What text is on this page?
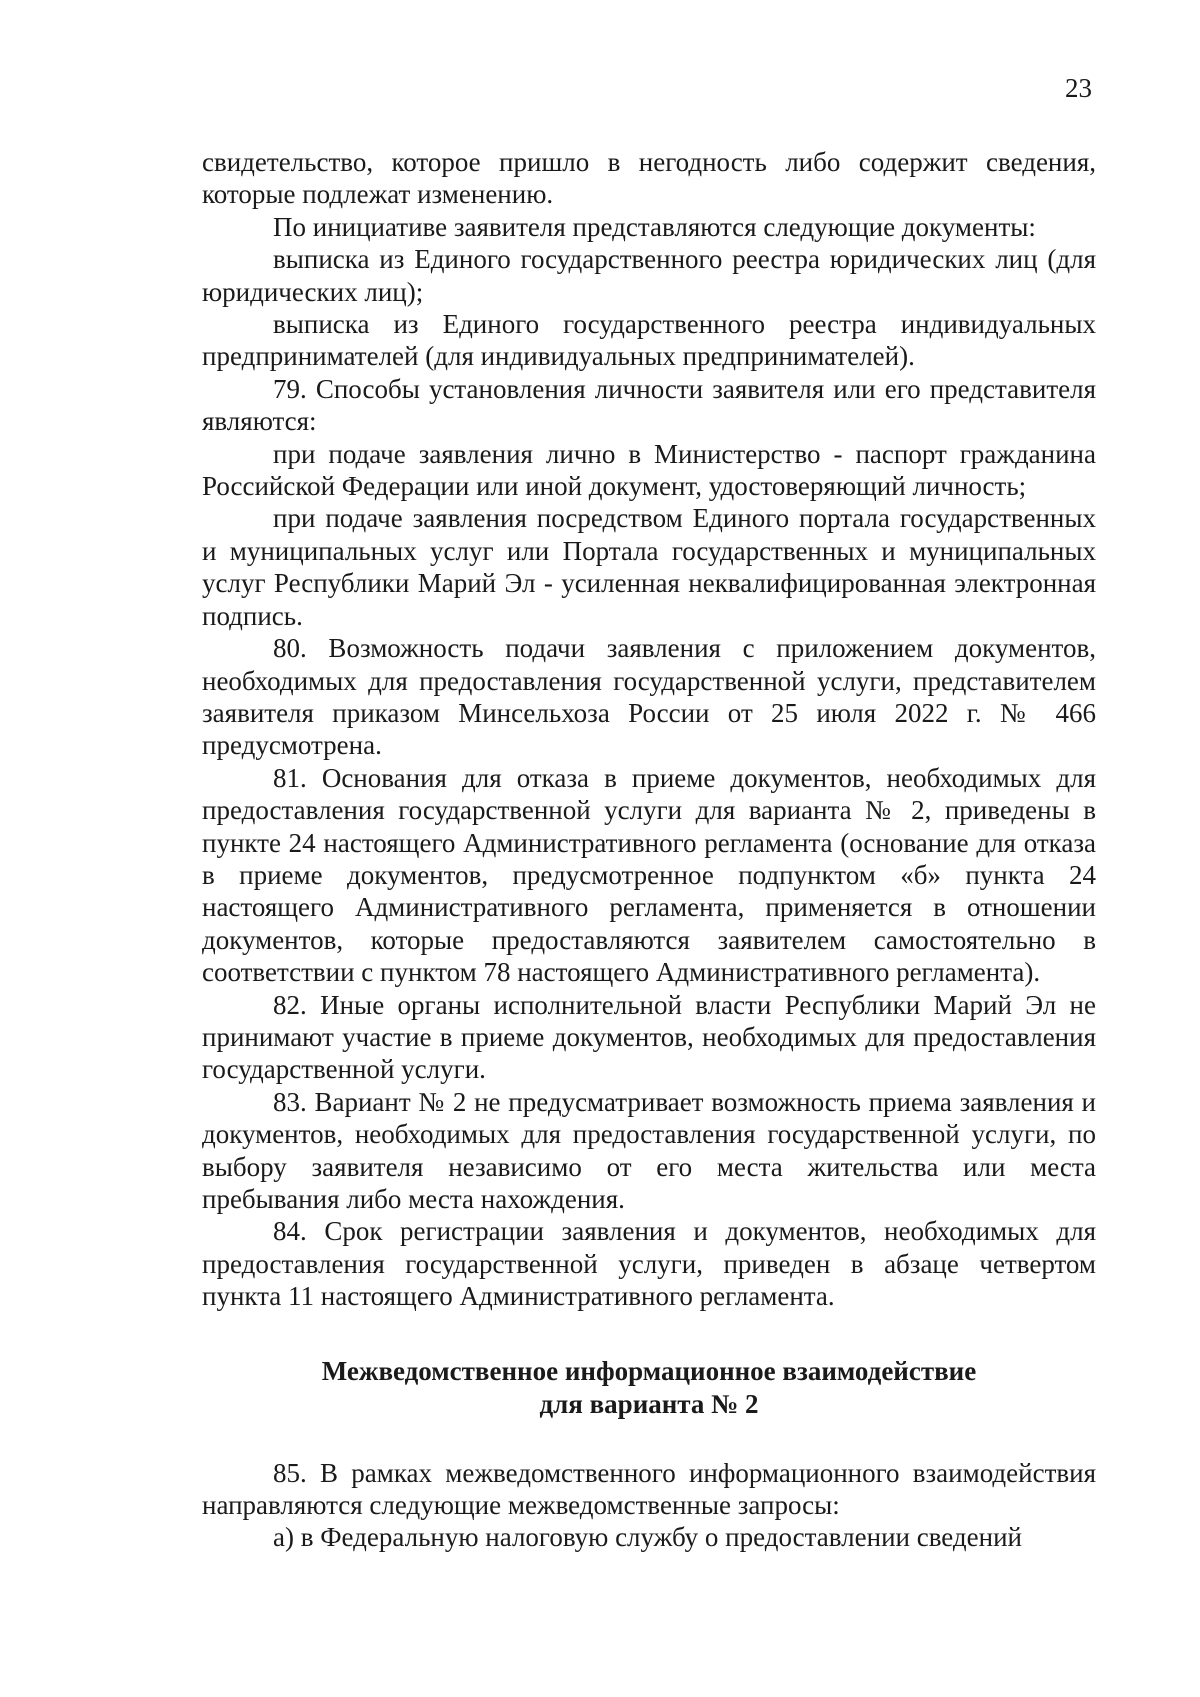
23

свидетельство, которое пришло в негодность либо содержит сведения, которые подлежат изменению.

По инициативе заявителя представляются следующие документы:

выписка из Единого государственного реестра юридических лиц (для юридических лиц);

выписка из Единого государственного реестра индивидуальных предпринимателей (для индивидуальных предпринимателей).

79. Способы установления личности заявителя или его представителя являются:

при подаче заявления лично в Министерство - паспорт гражданина Российской Федерации или иной документ, удостоверяющий личность;

при подаче заявления посредством Единого портала государственных и муниципальных услуг или Портала государственных и муниципальных услуг Республики Марий Эл - усиленная неквалифицированная электронная подпись.

80. Возможность подачи заявления с приложением документов, необходимых для предоставления государственной услуги, представителем заявителя приказом Минсельхоза России от 25 июля 2022 г. № 466 предусмотрена.

81. Основания для отказа в приеме документов, необходимых для предоставления государственной услуги для варианта № 2, приведены в пункте 24 настоящего Административного регламента (основание для отказа в приеме документов, предусмотренное подпунктом «б» пункта 24 настоящего Административного регламента, применяется в отношении документов, которые предоставляются заявителем самостоятельно в соответствии с пунктом 78 настоящего Административного регламента).

82. Иные органы исполнительной власти Республики Марий Эл не принимают участие в приеме документов, необходимых для предоставления государственной услуги.

83. Вариант № 2 не предусматривает возможность приема заявления и документов, необходимых для предоставления государственной услуги, по выбору заявителя независимо от его места жительства или места пребывания либо места нахождения.

84. Срок регистрации заявления и документов, необходимых для предоставления государственной услуги, приведен в абзаце четвертом пункта 11 настоящего Административного регламента.

Межведомственное информационное взаимодействие
для варианта № 2

85. В рамках межведомственного информационного взаимодействия направляются следующие межведомственные запросы:

а) в Федеральную налоговую службу о предоставлении сведений
